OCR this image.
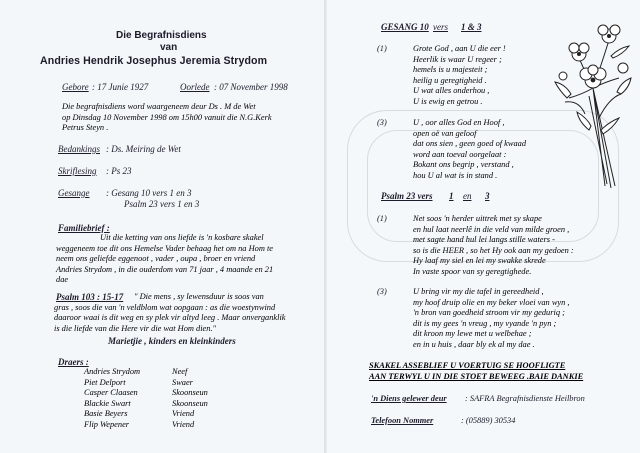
Die Begrafnisdiens
van
Andries Hendrik Josephus Jeremia Strydom
Gebore : 17 Junie 1927	Oorlede : 07 November 1998
Die begrafnisdiens word waargeneem deur Ds . M de Wet
op Dinsdag 10 November 1998 om 15h00 vanuit die N.G.Kerk
Petrus Steyn .
Bedankings : Ds. Meiring de Wet
Skriflesing : Ps 23
Gesange : Gesang 10 vers 1 en 3
Psalm 23 vers 1 en 3
Familiebrief :
Uit die ketting van ons liefde is 'n kosbare skakel
weggeneem toe dit ons Hemelse Vader behaag het om na Hom te
neem ons geliefde eggenoot , vader , oupa , broer en vriend
Andries Strydom , in die ouderdom van 71 jaar , 4 maande en 21
dae
Psalm 103 : 15-17	" Die mens , sy lewensduur is soos van
gras , soos die van 'n veldblom wat oopgaan : as die woestynwind
daaroor waai is dit weg en sy plek vir altyd leeg . Maar onverganklik
is die liefde van die Here vir die wat Hom dien."
Marietjie , kinders en kleinkinders
Draers :
Andries Strydom	Neef
Piet Delport	Swaer
Casper Claasen	Skoonseun
Blackie Swart	Skoonseun
Basie Beyers	Vriend
Flip Wepener	Vriend
GESANG 10 vers 1 & 3
(1)	Grote God , aan U die eer !
Heerlik is waar U regeer ;
hemels is u majesteit ;
heilig u geregtigheid .
U wat alles onderhou ,
U is ewig en getrou .
(3)	U , oor alles God en Hoof ,
open oë van geloof
dat ons sien , geen goed of kwaad
word aan toeval oorgelaat :
Bokant ons begrip , verstand ,
hou U al wat is in stand .
Psalm 23 vers 1 en 3
(1)	Net soos 'n herder uittrek met sy skape
en hul laat neerlê in die veld van milde groen ,
met sagte hand hul lei langs stille waters -
so is die HEER , so het Hy ook aan my gedoen :
Hy laaf my siel en lei my swakke skrede
In vaste spoor van sy geregtighede.
(3)	U bring vir my die tafel in gereedheid ,
my hoof druip olie en my beker vloei van wyn ,
'n bron van goedheid stroom vir my geduriq ;
dit is my gees 'n vreug , my vyande 'n pyn ;
dit kroon my lewe met u welbehae ;
en in u huis , daar bly ek al my dae .
SKAKEL ASSEBLIEF U VOERTUIG SE HOOFLIGTE
AAN TERWYL U IN DIE STOET BEWEEG .BAIE DANKIE
'n Diens gelewer deur : SAFRA Begrafnisdienste Heilbron
Telefoon Nommer	: (05889) 30534
